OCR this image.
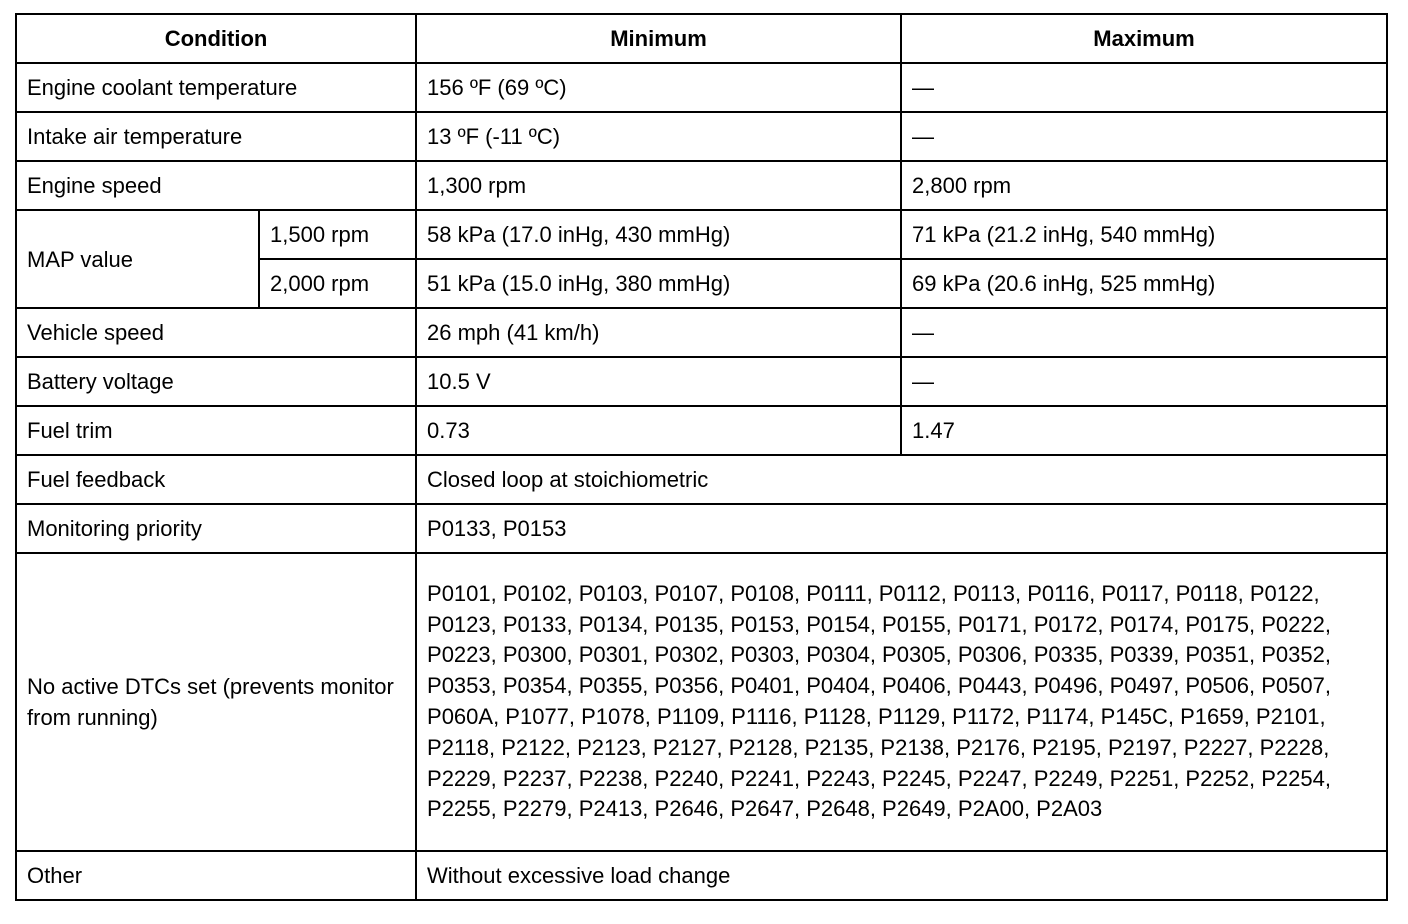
Condition		Minimum	Maximum
Engine coolant temperature		156 ºF (69 ºC)	—
Intake air temperature		13 ºF (-11 ºC)	—
Engine speed		1,300 rpm	2,800 rpm
MAP value	1,500 rpm	58 kPa (17.0 inHg, 430 mmHg)	71 kPa (21.2 inHg, 540 mmHg)
	2,000 rpm	51 kPa (15.0 inHg, 380 mmHg)	69 kPa (20.6 inHg, 525 mmHg)
Vehicle speed		26 mph (41 km/h)	—
Battery voltage		10.5 V	—
Fuel trim		0.73	1.47
Fuel feedback		Closed loop at stoichiometric	
Monitoring priority		P0133, P0153	
No active DTCs set (prevents monitor from running)		P0101, P0102, P0103, P0107, P0108, P0111, P0112, P0113, P0116, P0117, P0118, P0122, P0123, P0133, P0134, P0135, P0153, P0154, P0155, P0171, P0172, P0174, P0175, P0222, P0223, P0300, P0301, P0302, P0303, P0304, P0305, P0306, P0335, P0339, P0351, P0352, P0353, P0354, P0355, P0356, P0401, P0404, P0406, P0443, P0496, P0497, P0506, P0507, P060A, P1077, P1078, P1109, P1116, P1128, P1129, P1172, P1174, P145C, P1659, P2101, P2118, P2122, P2123, P2127, P2128, P2135, P2138, P2176, P2195, P2197, P2227, P2228, P2229, P2237, P2238, P2240, P2241, P2243, P2245, P2247, P2249, P2251, P2252, P2254, P2255, P2279, P2413, P2646, P2647, P2648, P2649, P2A00, P2A03	
Other		Without excessive load change	
